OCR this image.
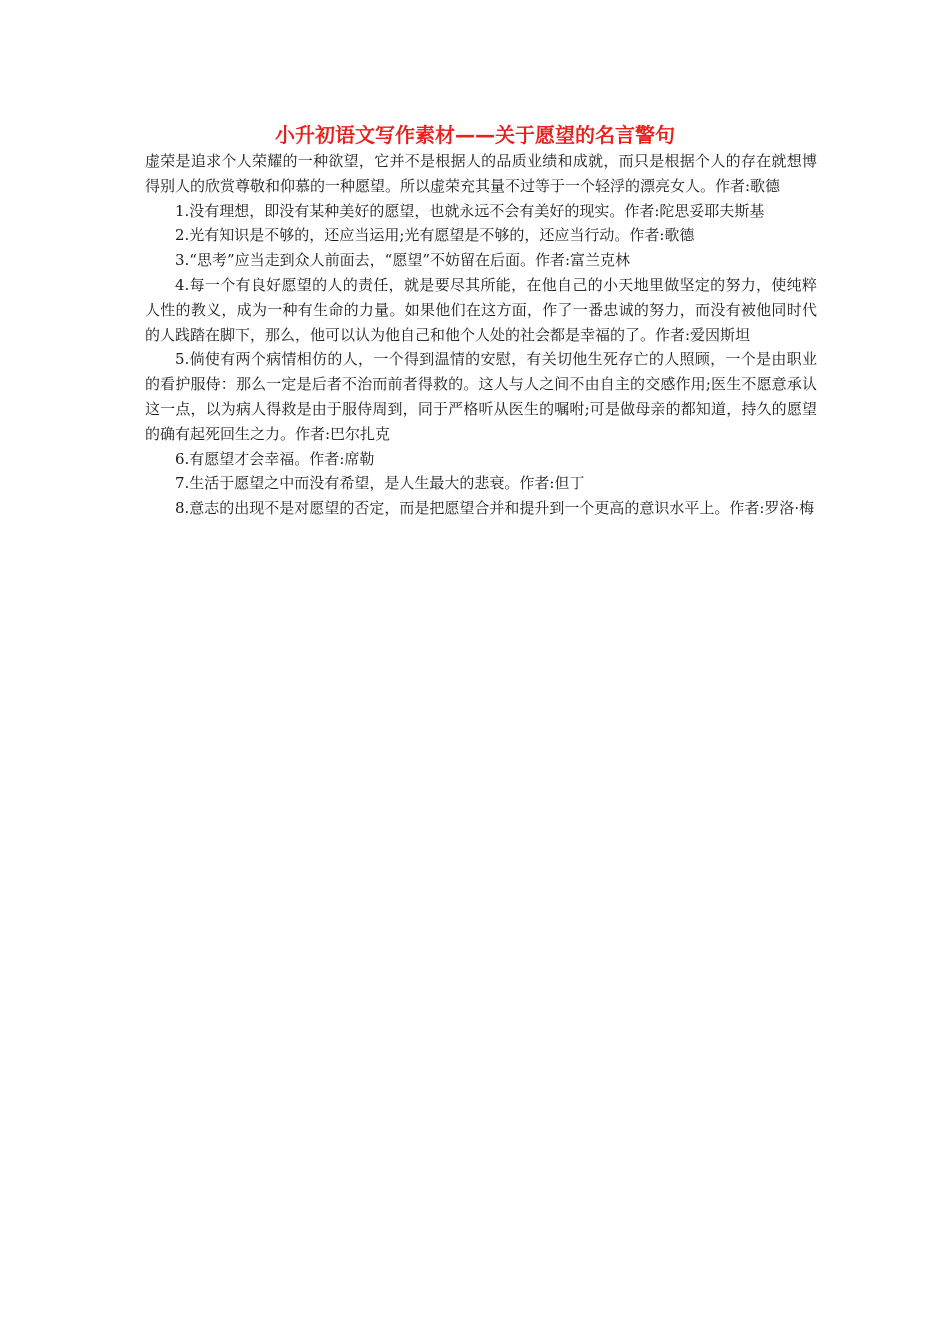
小升初语文写作素材——关于愿望的名言警句

虚荣是追求个人荣耀的一种欲望，它并不是根据人的品质业绩和成就，而只是根据个人的存在就想博得别人的欣赏尊敬和仰慕的一种愿望。所以虚荣充其量不过等于一个轻浮的漂亮女人。作者:歌德

1.没有理想，即没有某种美好的愿望，也就永远不会有美好的现实。作者:陀思妥耶夫斯基

2.光有知识是不够的，还应当运用;光有愿望是不够的，还应当行动。作者:歌德

3.“思考”应当走到众人前面去，“愿望”不妨留在后面。作者:富兰克林

4.每一个有良好愿望的人的责任，就是要尽其所能，在他自己的小天地里做坚定的努力，使纯粹人性的教义，成为一种有生命的力量。如果他们在这方面，作了一番忠诚的努力，而没有被他同时代的人践踏在脚下，那么，他可以认为他自己和他个人处的社会都是幸福的了。作者:爱因斯坦

5.倘使有两个病情相仿的人，一个得到温情的安慰，有关切他生死存亡的人照顾，一个是由职业的看护服侍：那么一定是后者不治而前者得救的。这人与人之间不由自主的交感作用;医生不愿意承认这一点，以为病人得救是由于服侍周到，同于严格听从医生的嘱咐;可是做母亲的都知道，持久的愿望的确有起死回生之力。作者:巴尔扎克

6.有愿望才会幸福。作者:席勒

7.生活于愿望之中而没有希望，是人生最大的悲衰。作者:但丁

8.意志的出现不是对愿望的否定，而是把愿望合并和提升到一个更高的意识水平上。作者:罗洛·梅
